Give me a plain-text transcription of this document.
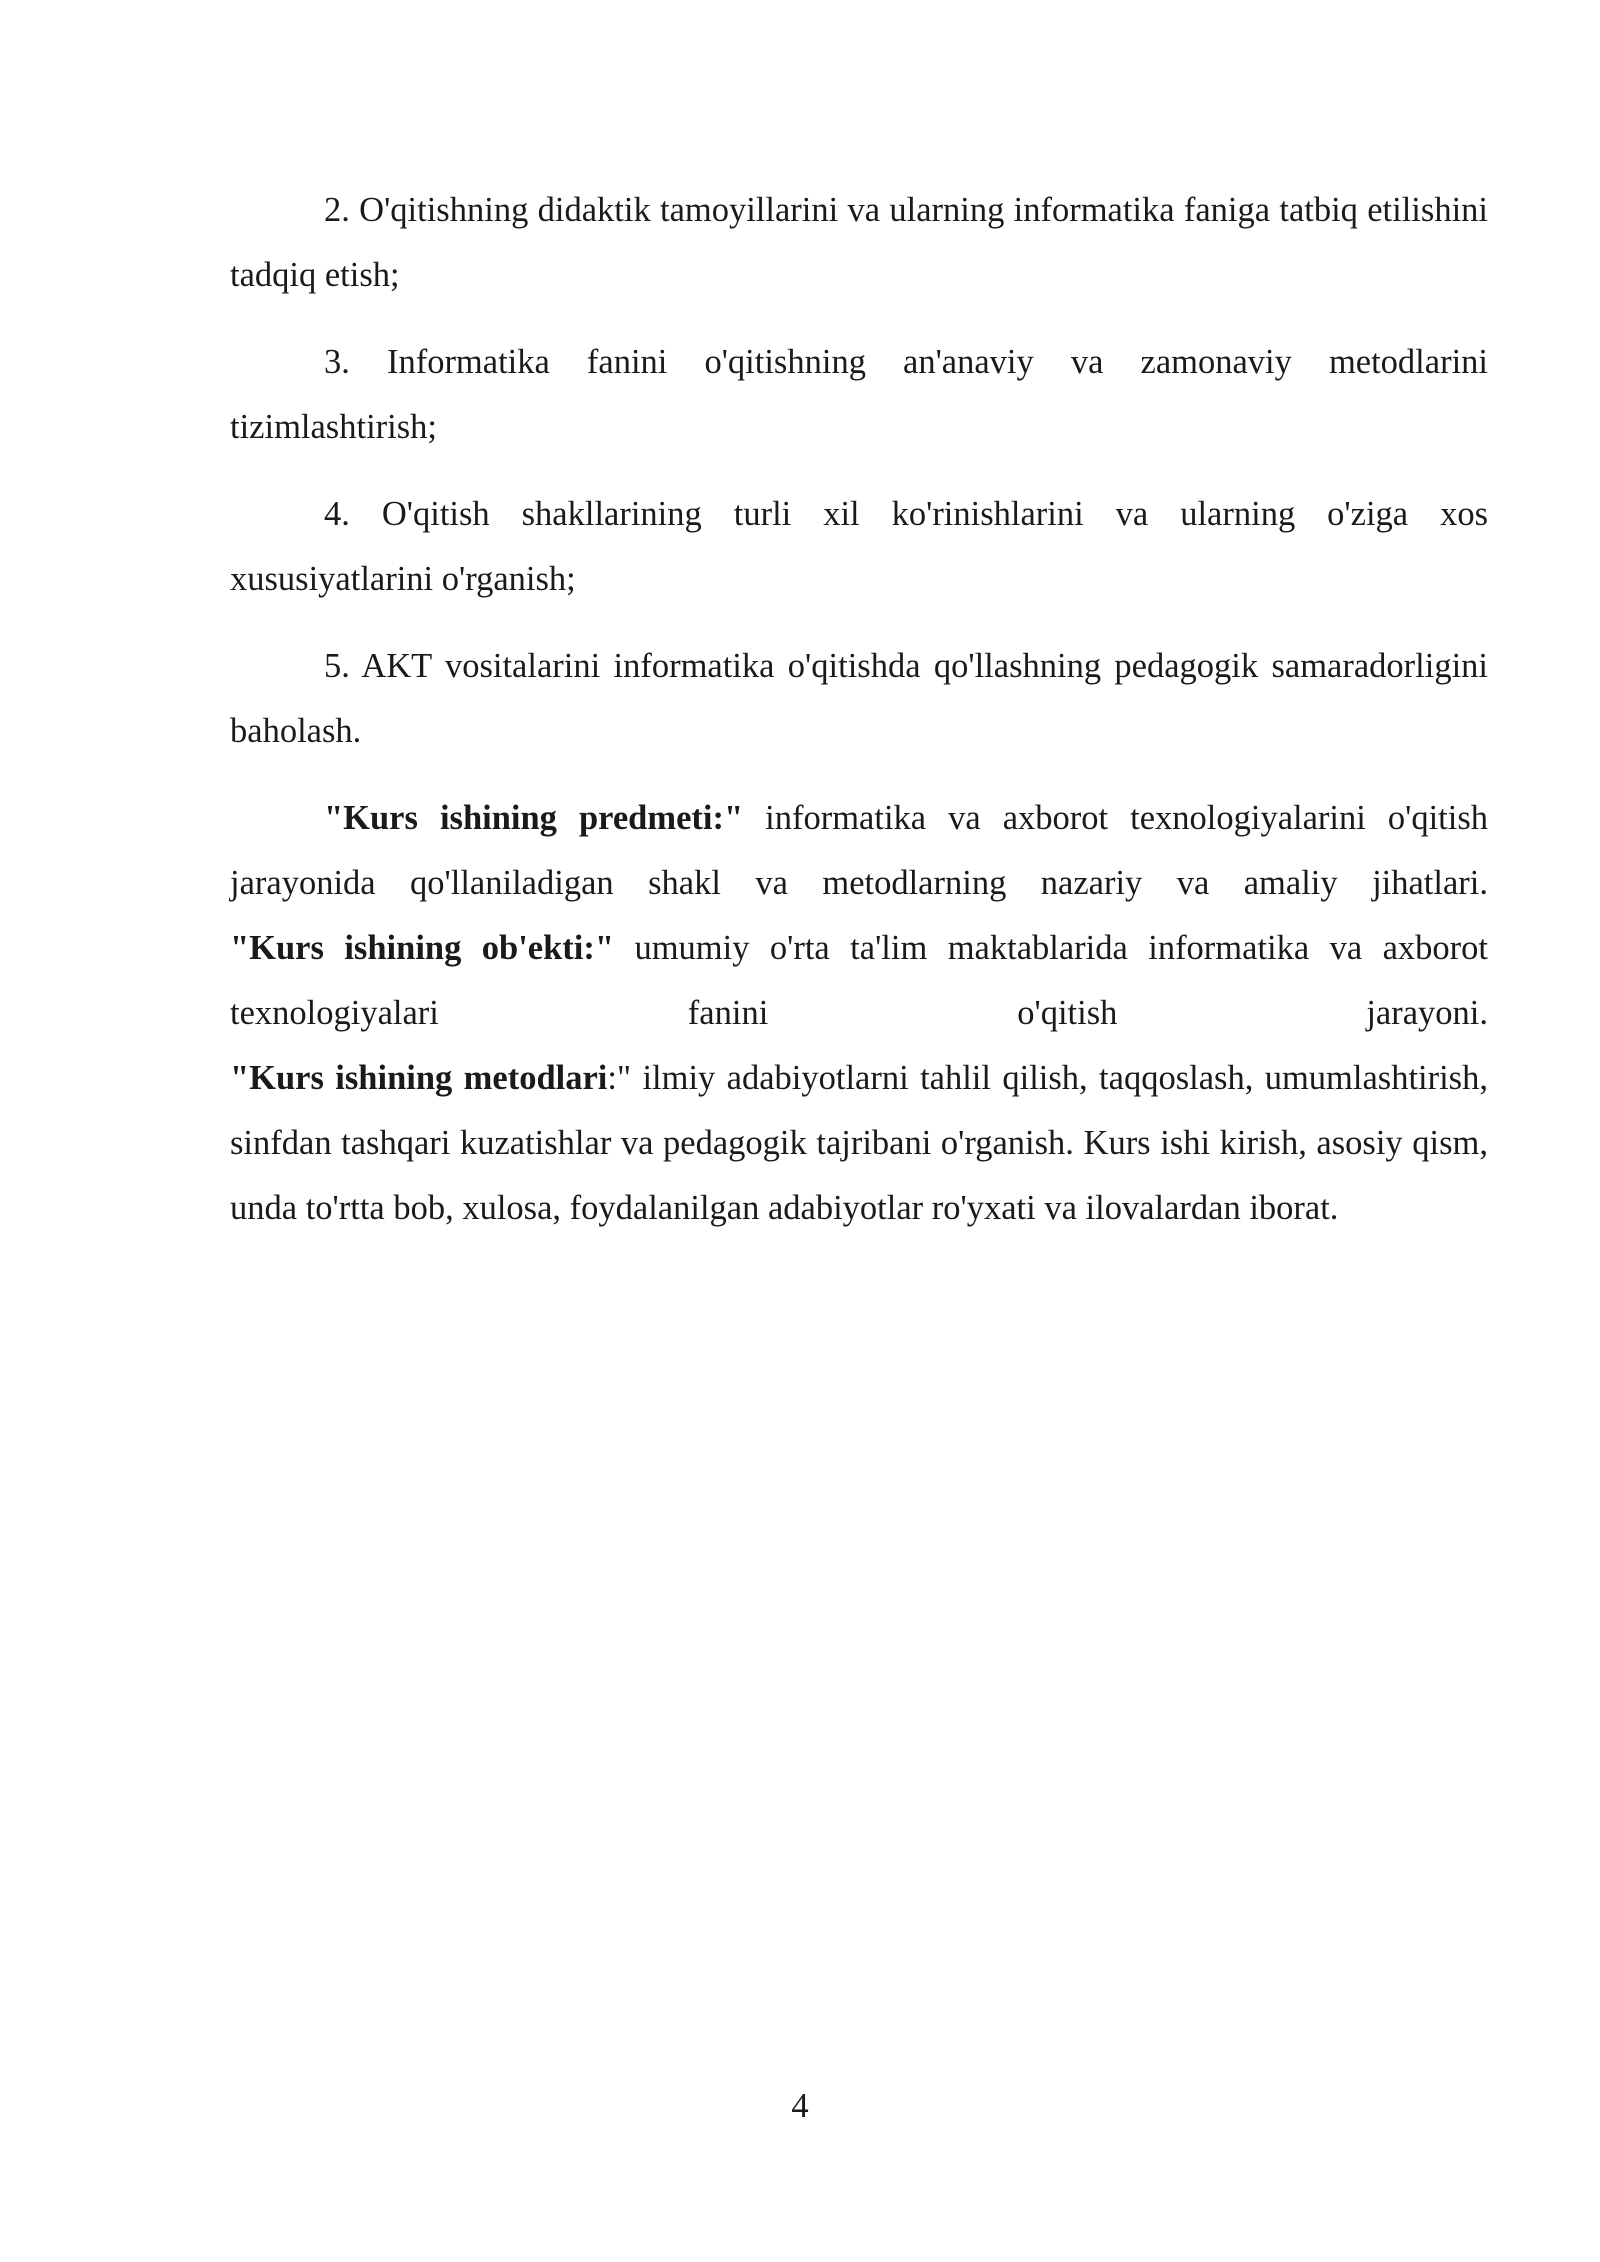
2. O'qitishning didaktik tamoyillarini va ularning informatika faniga tatbiq etilishini tadqiq etish;

3. Informatika fanini o'qitishning an'anaviy va zamonaviy metodlarini tizimlashtirish;

4. O'qitish shakllarining turli xil ko'rinishlarini va ularning o'ziga xos xususiyatlarini o'rganish;

5. AKT vositalarini informatika o'qitishda qo'llashning pedagogik samaradorligini baholash.

"Kurs ishining predmeti:" informatika va axborot texnologiyalarini o'qitish jarayonida qo'llaniladigan shakl va metodlarning nazariy va amaliy jihatlari.
"Kurs ishining ob'ekti:" umumiy o'rta ta'lim maktablarida informatika va axborot texnologiyalari fanini o'qitish jarayoni.
"Kurs ishining metodlari:" ilmiy adabiyotlarni tahlil qilish, taqqoslash, umumlashtirish, sinfdan tashqari kuzatishlar va pedagogik tajribani o'rganish. Kurs ishi kirish, asosiy qism, unda to'rtta bob, xulosa, foydalanilgan adabiyotlar ro'yxati va ilovalardan iborat.
4
